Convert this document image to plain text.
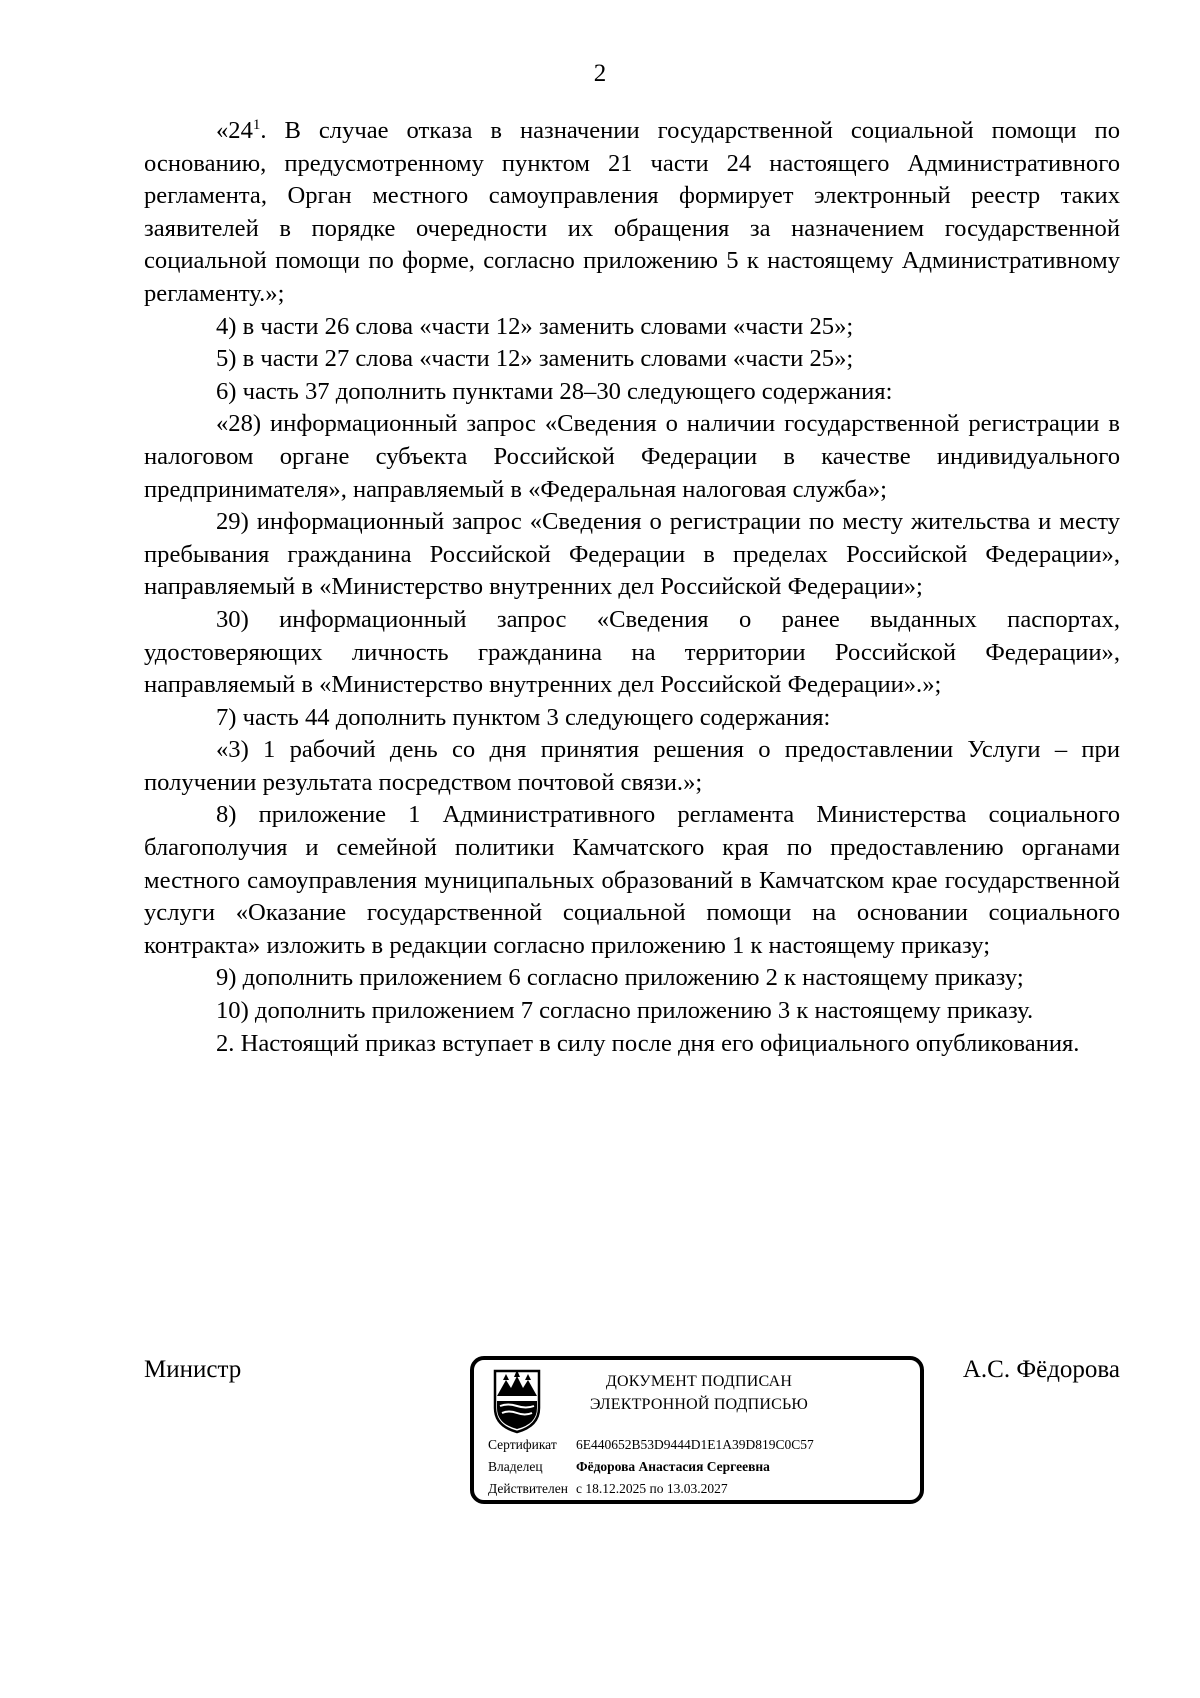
2

«$24^1$. В случае отказа в назначении государственной социальной помощи по основанию, предусмотренному пунктом 21 части 24 настоящего Административного регламента, Орган местного самоуправления формирует электронный реестр таких заявителей в порядке очередности их обращения за назначением государственной социальной помощи по форме, согласно приложению 5 к настоящему Административному регламенту.»;

4) в части 26 слова «части 12» заменить словами «части 25»;

5) в части 27 слова «части 12» заменить словами «части 25»;

6) часть 37 дополнить пунктами 28–30 следующего содержания:

«28) информационный запрос «Сведения о наличии государственной регистрации в налоговом органе субъекта Российской Федерации в качестве индивидуального предпринимателя», направляемый в «Федеральная налоговая служба»;

29) информационный запрос «Сведения о регистрации по месту жительства и месту пребывания гражданина Российской Федерации в пределах Российской Федерации», направляемый в «Министерство внутренних дел Российской Федерации»;

30) информационный запрос «Сведения о ранее выданных паспортах, удостоверяющих личность гражданина на территории Российской Федерации», направляемый в «Министерство внутренних дел Российской Федерации».»;

7) часть 44 дополнить пунктом 3 следующего содержания:

«3) 1 рабочий день со дня принятия решения о предоставлении Услуги – при получении результата посредством почтовой связи.»;

8) приложение 1 Административного регламента Министерства социального благополучия и семейной политики Камчатского края по предоставлению органами местного самоуправления муниципальных образований в Камчатском крае государственной услуги «Оказание государственной социальной помощи на основании социального контракта» изложить в редакции согласно приложению 1 к настоящему приказу;

9) дополнить приложением 6 согласно приложению 2 к настоящему приказу;

10) дополнить приложением 7 согласно приложению 3 к настоящему приказу.

2. Настоящий приказ вступает в силу после дня его официального опубликования.

Министр	А.С. Фёдорова
ДОКУМЕНТ ПОДПИСАН
ЭЛЕКТРОННОЙ ПОДПИСЬЮ
Сертификат 6E440652B53D9444D1E1A39D819C0C57
Владелец Фёдорова Анастасия Сергеевна
Действителен с 18.12.2025 по 13.03.2027
